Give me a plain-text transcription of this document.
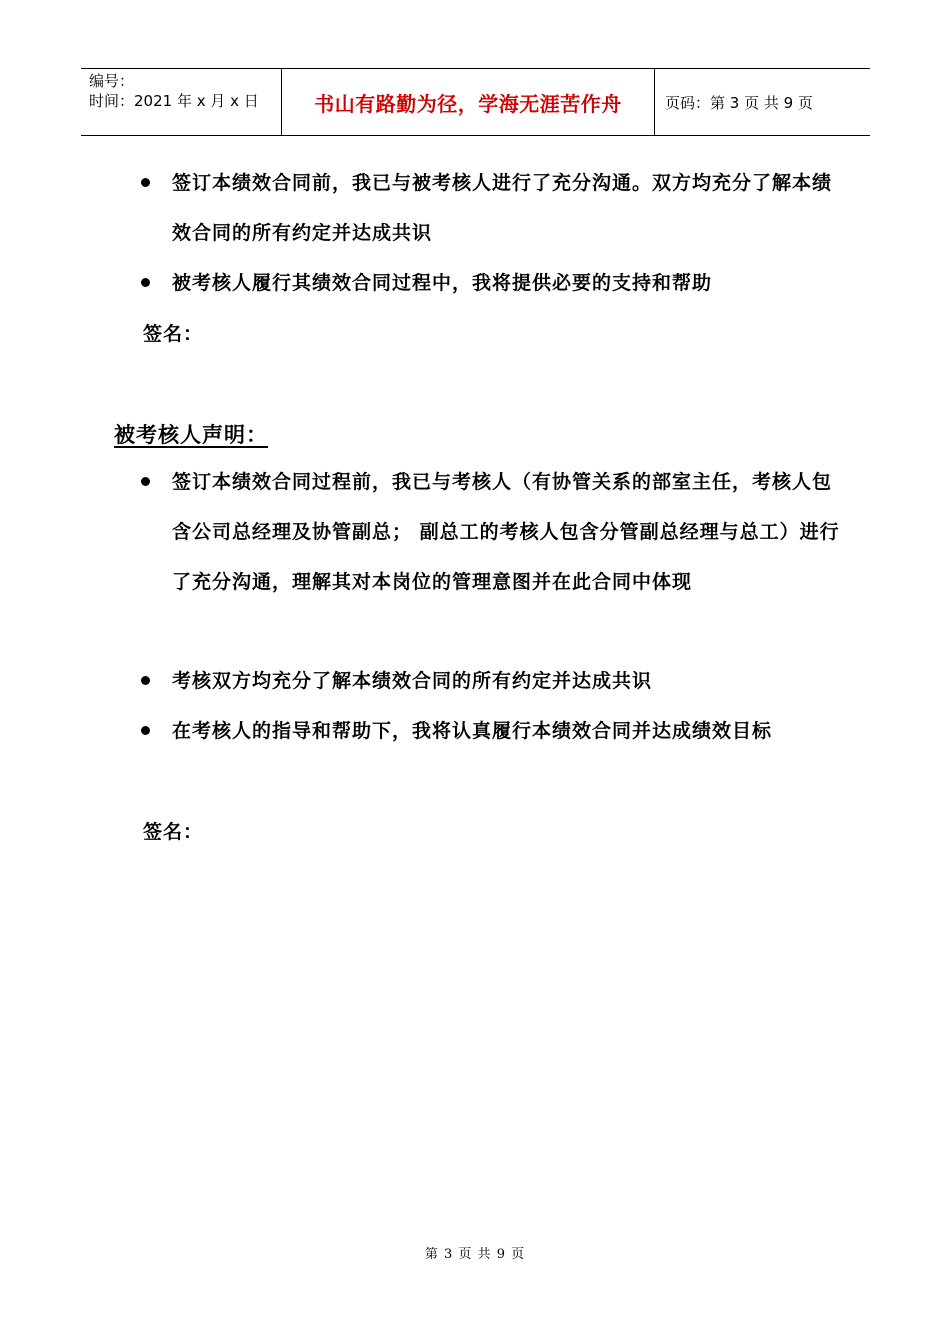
编号：
时间：2021 年 x 月 x 日	书山有路勤为径，学海无涯苦作舟	页码：第 3 页 共 9 页
签订本绩效合同前，我已与被考核人进行了充分沟通。双方均充分了解本绩效合同的所有约定并达成共识
被考核人履行其绩效合同过程中，我将提供必要的支持和帮助
签名：
被考核人声明：
签订本绩效合同过程前，我已与考核人（有协管关系的部室主任，考核人包含公司总经理及协管副总； 副总工的考核人包含分管副总经理与总工）进行了充分沟通，理解其对本岗位的管理意图并在此合同中体现
考核双方均充分了解本绩效合同的所有约定并达成共识
在考核人的指导和帮助下，我将认真履行本绩效合同并达成绩效目标
签名：
第 3 页 共 9 页
